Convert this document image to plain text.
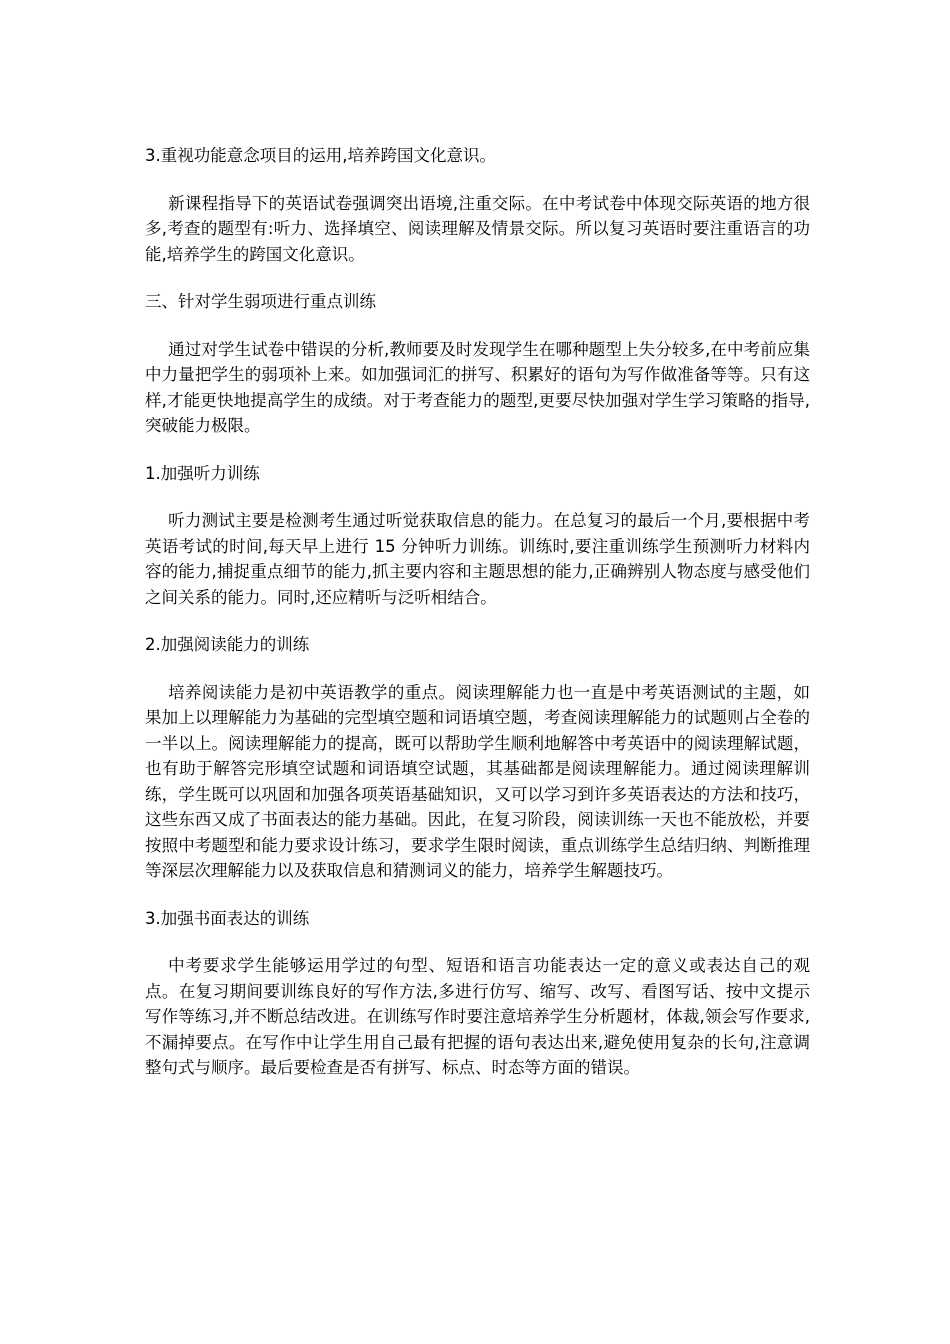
3.重视功能意念项目的运用,培养跨国文化意识。
新课程指导下的英语试卷强调突出语境,注重交际。在中考试卷中体现交际英语的地方很多,考查的题型有:听力、选择填空、阅读理解及情景交际。所以复习英语时要注重语言的功能,培养学生的跨国文化意识。
三、针对学生弱项进行重点训练
通过对学生试卷中错误的分析,教师要及时发现学生在哪种题型上失分较多,在中考前应集中力量把学生的弱项补上来。如加强词汇的拼写、积累好的语句为写作做准备等等。只有这样,才能更快地提高学生的成绩。对于考查能力的题型,更要尽快加强对学生学习策略的指导,突破能力极限。
1.加强听力训练
听力测试主要是检测考生通过听觉获取信息的能力。在总复习的最后一个月,要根据中考英语考试的时间,每天早上进行 15 分钟听力训练。训练时,要注重训练学生预测听力材料内容的能力,捕捉重点细节的能力,抓主要内容和主题思想的能力,正确辨别人物态度与感受他们之间关系的能力。同时,还应精听与泛听相结合。
2.加强阅读能力的训练
培养阅读能力是初中英语教学的重点。阅读理解能力也一直是中考英语测试的主题，如果加上以理解能力为基础的完型填空题和词语填空题，考查阅读理解能力的试题则占全卷的一半以上。阅读理解能力的提高，既可以帮助学生顺利地解答中考英语中的阅读理解试题，也有助于解答完形填空试题和词语填空试题，其基础都是阅读理解能力。通过阅读理解训练，学生既可以巩固和加强各项英语基础知识，又可以学习到许多英语表达的方法和技巧，这些东西又成了书面表达的能力基础。因此，在复习阶段，阅读训练一天也不能放松，并要按照中考题型和能力要求设计练习，要求学生限时阅读，重点训练学生总结归纳、判断推理等深层次理解能力以及获取信息和猜测词义的能力，培养学生解题技巧。
3.加强书面表达的训练
中考要求学生能够运用学过的句型、短语和语言功能表达一定的意义或表达自己的观点。在复习期间要训练良好的写作方法,多进行仿写、缩写、改写、看图写话、按中文提示写作等练习,并不断总结改进。在训练写作时要注意培养学生分析题材，体裁,领会写作要求,不漏掉要点。在写作中让学生用自己最有把握的语句表达出来,避免使用复杂的长句,注意调整句式与顺序。最后要检查是否有拼写、标点、时态等方面的错误。
